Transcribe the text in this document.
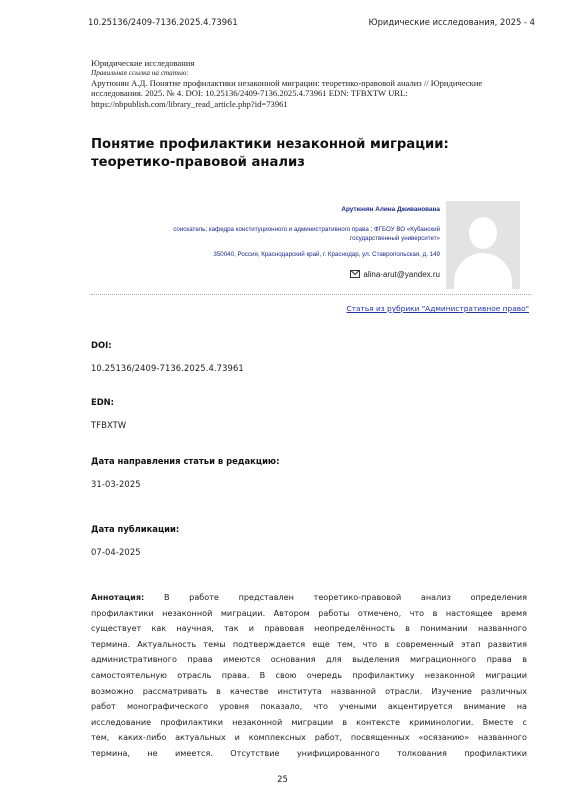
10.25136/2409-7136.2025.4.73961	Юридические исследования, 2025 - 4
Юридические исследования
Правильная ссылка на статью:
Арутюнян А.Д. Понятие профилактики незаконной миграции: теоретико-правовой анализ // Юридические исследования. 2025. № 4. DOI: 10.25136/2409-7136.2025.4.73961 EDN: TFBXTW URL: https://nbpublish.com/library_read_article.php?id=73961
Понятие профилактики незаконной миграции: теоретико-правовой анализ
Арутюнян Алина Дживанована
соискатель; кафедра конституционного и административного права ; ФГБОУ ВО «Кубанский государственный университет»
350040, Россия, Краснодарский край, г. Краснодар, ул. Ставропольская, д. 149
alina-arut@yandex.ru
Статья из рубрики "Административное право"
DOI:
10.25136/2409-7136.2025.4.73961
EDN:
TFBXTW
Дата направления статьи в редакцию:
31-03-2025
Дата публикации:
07-04-2025
Аннотация: В работе представлен теоретико-правовой анализ определения
профилактики незаконной миграции. Автором работы отмечено, что в настоящее время
существует как научная, так и правовая неопределённость в понимании названного
термина. Актуальность темы подтверждается еще тем, что в современный этап развития
административного права имеются основания для выделения миграционного права в
самостоятельную отрасль права. В свою очередь профилактику незаконной миграции
возможно рассматривать в качестве института названной отрасли. Изучение различных
работ монографического уровня показало, что учеными акцентируется внимание на
исследование профилактики незаконной миграции в контексте криминологии. Вместе с
тем, каких-либо актуальных и комплексных работ, посвященных «осязанию» названного
термина, не имеется. Отсутствие унифицированного толкования профилактики
25
